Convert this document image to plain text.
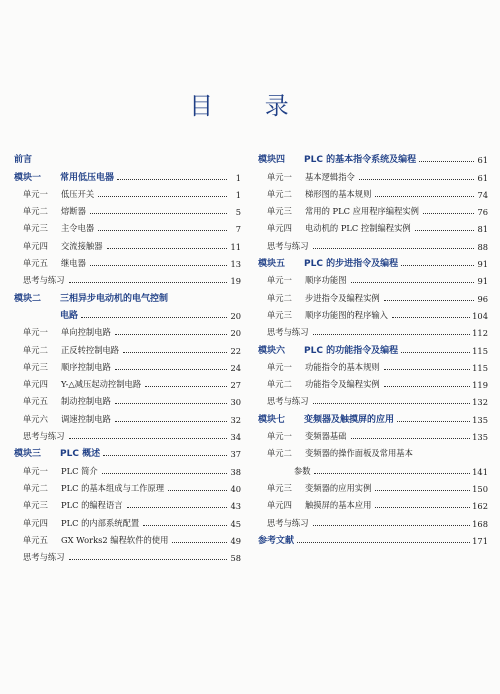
目 录
前言
模块一 常用低压电器	1
单元一 低压开关	1
单元二 熔断器	5
单元三 主令电器	7
单元四 交流接触器	11
单元五 继电器	13
思考与练习	19
模块二 三相异步电动机的电气控制
电路	20
单元一 单向控制电路	20
单元二 正反转控制电路	22
单元三 顺序控制电路	24
单元四 Y-△减压起动控制电路	27
单元五 制动控制电路	30
单元六 调速控制电路	32
思考与练习	34
模块三 PLC 概述	37
单元一 PLC 简介	38
单元二 PLC 的基本组成与工作原理	40
单元三 PLC 的编程语言	43
单元四 PLC 的内部系统配置	45
单元五 GX Works2 编程软件的使用	49
思考与练习	58
模块四 PLC 的基本指令系统及编程	61
单元一 基本逻辑指令	61
单元二 梯形图的基本规则	74
单元三 常用的 PLC 应用程序编程实例	76
单元四 电动机的 PLC 控制编程实例	81
思考与练习	88
模块五 PLC 的步进指令及编程	91
单元一 顺序功能图	91
单元二 步进指令及编程实例	96
单元三 顺序功能图的程序输入	104
思考与练习	112
模块六 PLC 的功能指令及编程	115
单元一 功能指令的基本规则	115
单元二 功能指令及编程实例	119
思考与练习	132
模块七 变频器及触摸屏的应用	135
单元一 变频器基础	135
单元二 变频器的操作面板及常用基本
参数	141
单元三 变频器的应用实例	150
单元四 触摸屏的基本应用	162
思考与练习	168
参考文献	171
